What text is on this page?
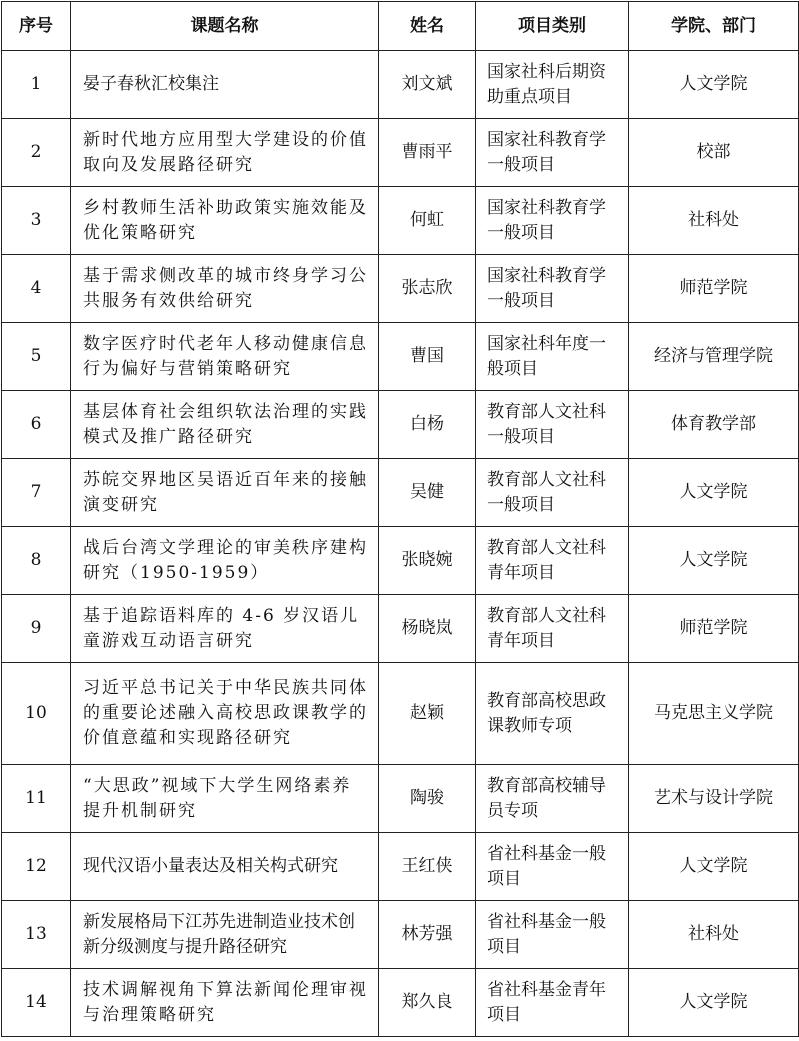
序号	课题名称	姓名	项目类别	学院、部门
1	晏子春秋汇校集注	刘文斌	国家社科后期资助重点项目	人文学院
2	新时代地方应用型大学建设的价值取向及发展路径研究	曹雨平	国家社科教育学一般项目	校部
3	乡村教师生活补助政策实施效能及优化策略研究	何虹	国家社科教育学一般项目	社科处
4	基于需求侧改革的城市终身学习公共服务有效供给研究	张志欣	国家社科教育学一般项目	师范学院
5	数字医疗时代老年人移动健康信息行为偏好与营销策略研究	曹国	国家社科年度一般项目	经济与管理学院
6	基层体育社会组织软法治理的实践模式及推广路径研究	白杨	教育部人文社科一般项目	体育教学部
7	苏皖交界地区吴语近百年来的接触演变研究	吴健	教育部人文社科一般项目	人文学院
8	战后台湾文学理论的审美秩序建构研究（1950-1959）	张晓婉	教育部人文社科青年项目	人文学院
9	基于追踪语料库的 4-6 岁汉语儿童游戏互动语言研究	杨晓岚	教育部人文社科青年项目	师范学院
10	习近平总书记关于中华民族共同体的重要论述融入高校思政课教学的价值意蕴和实现路径研究	赵颖	教育部高校思政课教师专项	马克思主义学院
11	“大思政”视域下大学生网络素养提升机制研究	陶骏	教育部高校辅导员专项	艺术与设计学院
12	现代汉语小量表达及相关构式研究	王红侠	省社科基金一般项目	人文学院
13	新发展格局下江苏先进制造业技术创新分级测度与提升路径研究	林芳强	省社科基金一般项目	社科处
14	技术调解视角下算法新闻伦理审视与治理策略研究	郑久良	省社科基金青年项目	人文学院
